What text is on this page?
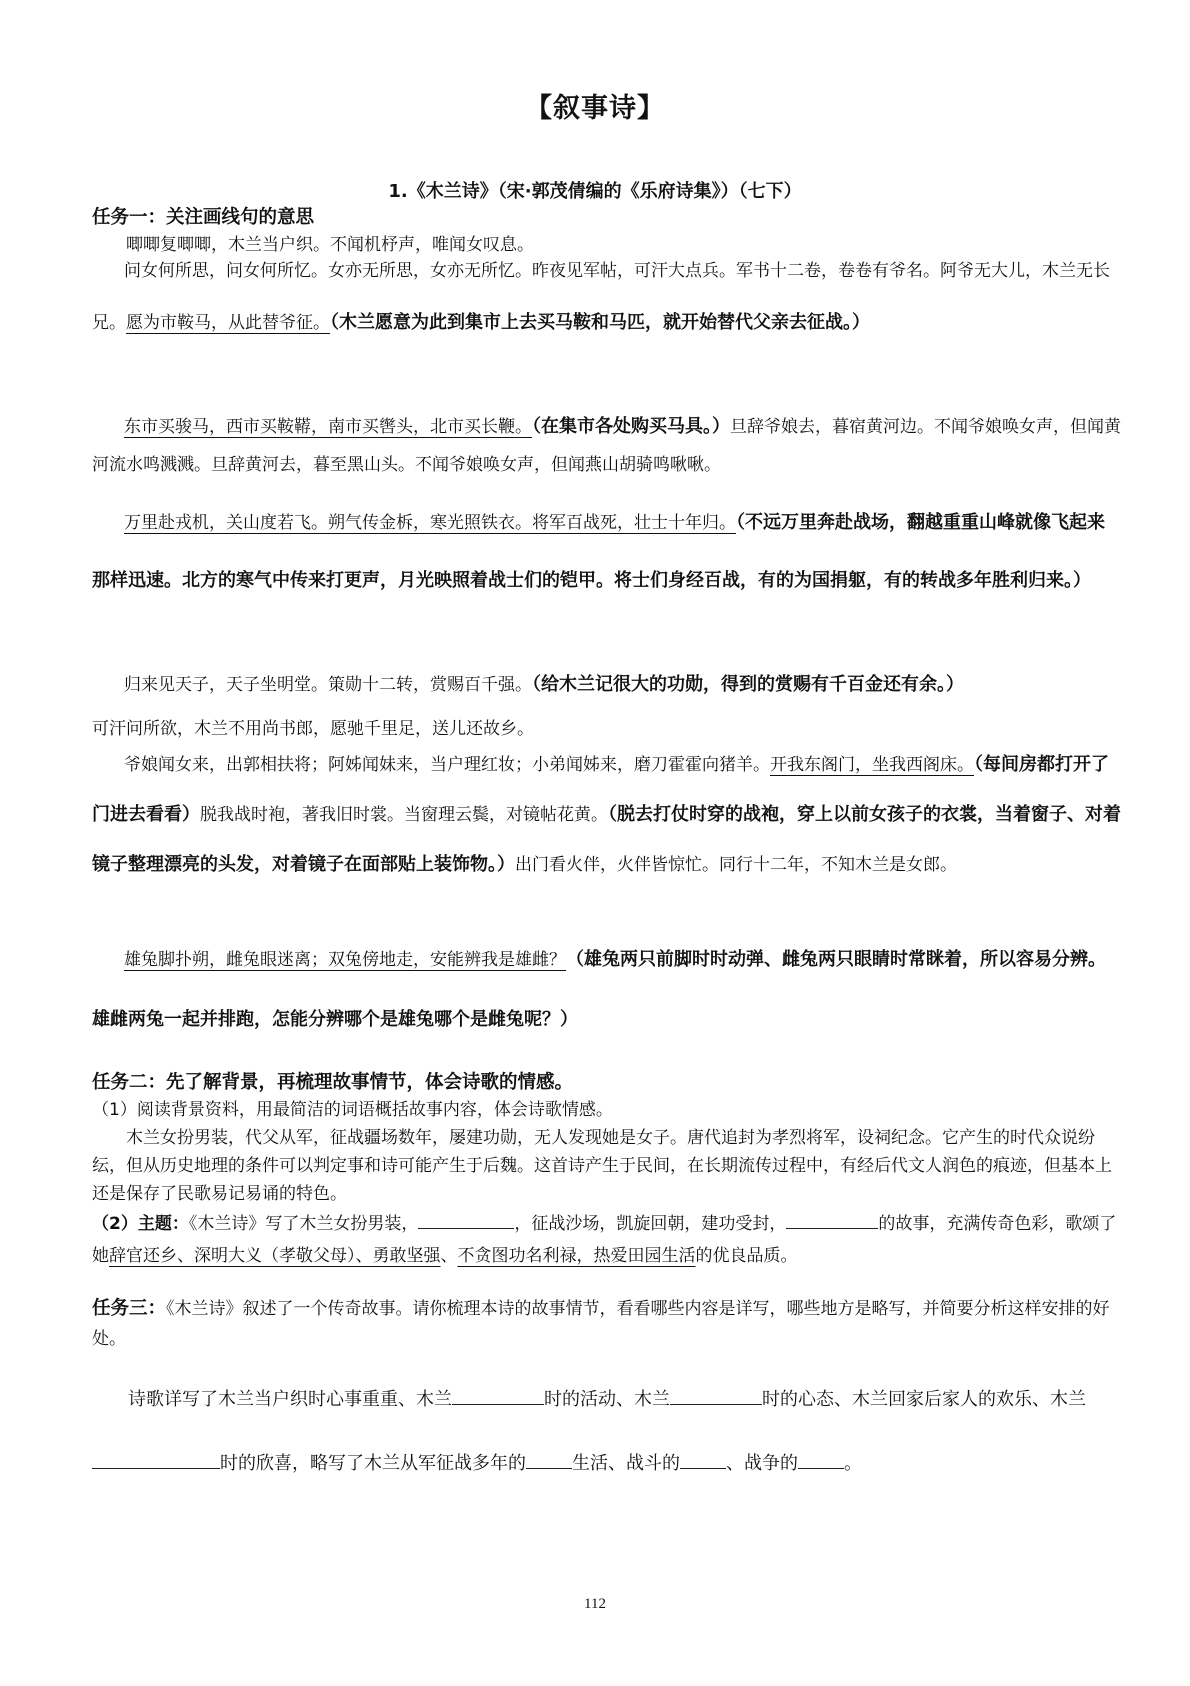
【叙事诗】
1.《木兰诗》（宋·郭茂倩编的《乐府诗集》）（七下）
任务一：关注画线句的意思
唧唧复唧唧，木兰当户织。不闻机杼声，唯闻女叹息。
问女何所思，问女何所忆。女亦无所思，女亦无所忆。昨夜见军帖，可汗大点兵。军书十二卷，卷卷有爷名。阿爷无大儿，木兰无长兄。愿为市鞍马，从此替爷征。（木兰愿意为此到集市上去买马鞍和马匹，就开始替代父亲去征战。）
东市买骏马，西市买鞍鞯，南市买辔头，北市买长鞭。（在集市各处购买马具。）旦辞爷娘去，暮宿黄河边。不闻爷娘唤女声，但闻黄河流水鸣溅溅。旦辞黄河去，暮至黑山头。不闻爷娘唤女声，但闻燕山胡骑鸣啾啾。
万里赴戎机，关山度若飞。朔气传金柝，寒光照铁衣。将军百战死，壮士十年归。（不远万里奔赴战场，翻越重重山峰就像飞起来那样迅速。北方的寒气中传来打更声，月光映照着战士们的铠甲。将士们身经百战，有的为国捐躯，有的转战多年胜利归来。）
归来见天子，天子坐明堂。策勋十二转，赏赐百千强。（给木兰记很大的功勋，得到的赏赐有千百金还有余。）
可汗问所欲，木兰不用尚书郎，愿驰千里足，送儿还故乡。
爷娘闻女来，出郭相扶将；阿姊闻妹来，当户理红妆；小弟闻姊来，磨刀霍霍向猪羊。开我东阁门，坐我西阁床。（每间房都打开了门进去看看）脱我战时袍，著我旧时裳。当窗理云鬓，对镜帖花黄。（脱去打仗时穿的战袍，穿上以前女孩子的衣裳，当着窗子、对着镜子整理漂亮的头发，对着镜子在面部贴上装饰物。）出门看火伴，火伴皆惊忙。同行十二年，不知木兰是女郎。
雄兔脚扑朔，雌兔眼迷离；双兔傍地走，安能辨我是雄雌？（雄兔两只前脚时时动弹、雌兔两只眼睛时常眯着，所以容易分辨。雄雌两兔一起并排跑，怎能分辨哪个是雄兔哪个是雌兔呢？）
任务二：先了解背景，再梳理故事情节，体会诗歌的情感。
（1）阅读背景资料，用最简洁的词语概括故事内容，体会诗歌情感。
木兰女扮男装，代父从军，征战疆场数年，屡建功勋，无人发现她是女子。唐代追封为孝烈将军，设祠纪念。它产生的时代众说纷纭，但从历史地理的条件可以判定事和诗可能产生于后魏。这首诗产生于民间，在长期流传过程中，有经后代文人润色的痕迹，但基本上还是保存了民歌易记易诵的特色。
（2）主题：《木兰诗》写了木兰女扮男装，	，征战沙场，凯旋回朝，建功受封，	的故事，充满传奇色彩，歌颂了她辞官还乡、深明大义（孝敬父母）、勇敢坚强、不贪图功名利禄，热爱田园生活的优良品质。
任务三：《木兰诗》叙述了一个传奇故事。请你梳理本诗的故事情节，看看哪些内容是详写，哪些地方是略写，并简要分析这样安排的好处。
诗歌详写了木兰当户织时心事重重、木兰	时的活动、木兰	时的心态、木兰回家后家人的欢乐、木兰时的欣喜，略写了木兰从军征战多年的	生活、战斗的	、战争的	。
112
